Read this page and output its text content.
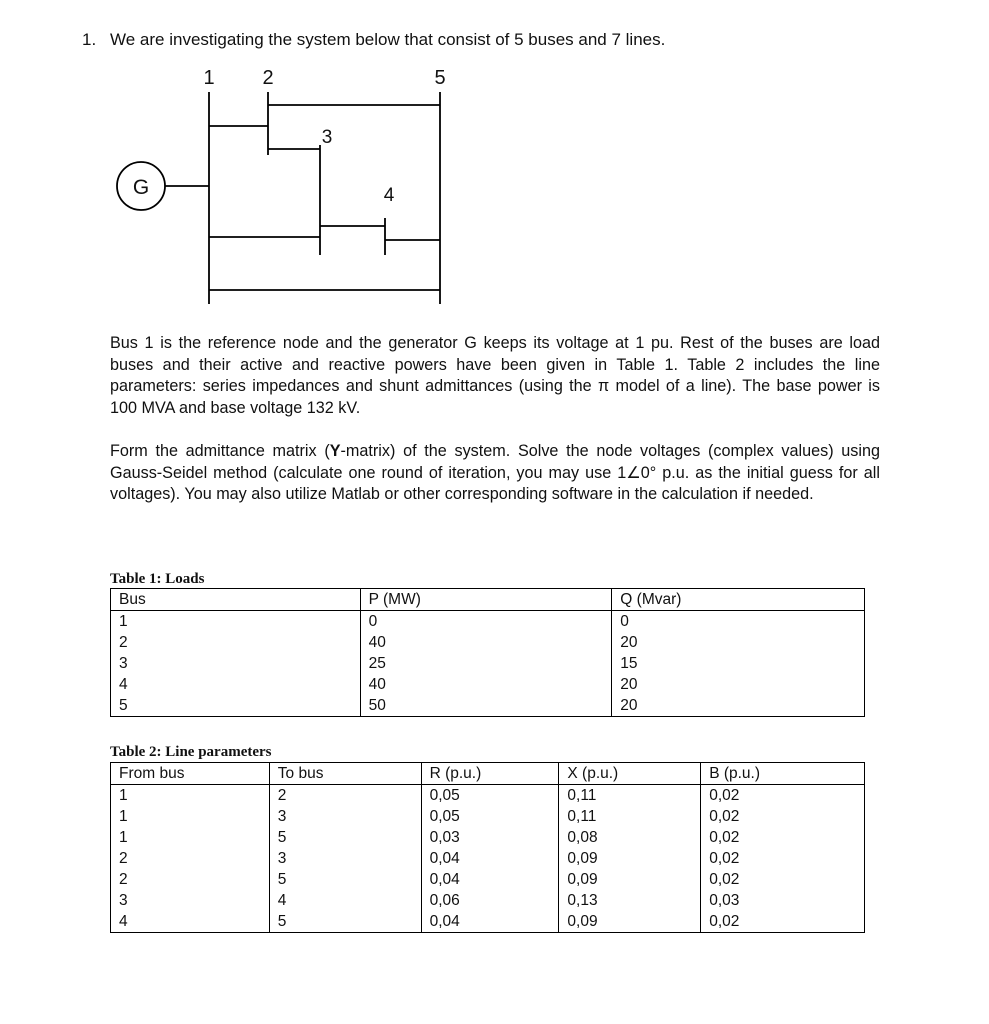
1. We are investigating the system below that consist of 5 buses and 7 lines.
G
1 2	5
3
4
Bus 1 is the reference node and the generator G keeps its voltage at 1 pu. Rest of the buses are load buses and their active and reactive powers have been given in Table 1. Table 2 includes the line parameters: series impedances and shunt admittances (using the π model of a line). The base power is 100 MVA and base voltage 132 kV.
Form the admittance matrix (Y-matrix) of the system. Solve the node voltages (complex values) using Gauss-Seidel method (calculate one round of iteration, you may use 1∠0° p.u. as the initial guess for all voltages). You may also utilize Matlab or other corresponding software in the calculation if needed.
Table 1: Loads
Bus	P (MW)	Q (Mvar)
1	0	0
2	40	20
3	25	15
4	40	20
5	50	20
Table 2: Line parameters
From bus	To bus	R (p.u.)	X (p.u.)	B (p.u.)
1	2	0,05	0,11	0,02
1	3	0,05	0,11	0,02
1	5	0,03	0,08	0,02
2	3	0,04	0,09	0,02
2	5	0,04	0,09	0,02
3	4	0,06	0,13	0,03
4	5	0,04	0,09	0,02
